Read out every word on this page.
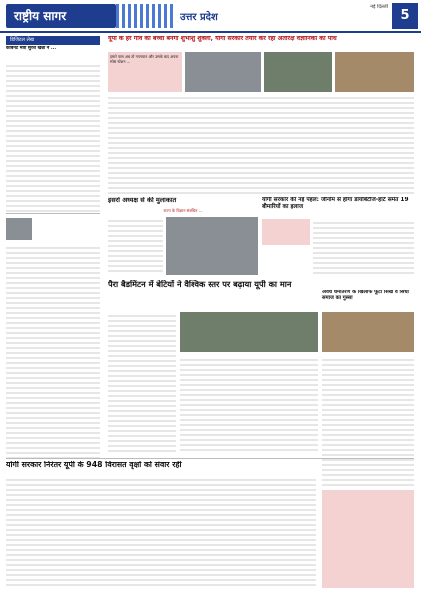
राष्ट्रीय सागर	उत्तर प्रदेश
नई दिल्ली
5
डिजिटल लेख
कैबिनेट मंत्री सुरेश खन्ना ने ...
यूपी के हर गांव का बच्चा बनेगा शुभांशु शुक्ला, योगी सरकार तैयार कर रही अंतरिक्ष वैज्ञानिकों की पौध
हमारे पास अब तो गगनयान और उसके बाद अपना स्पेस स्टेशन ...
इसरो अध्यक्ष से की मुलाकात
राज्य के विज्ञान संबंधित ...
योगी सरकार की नई पहल: जीनोम से होगा डायबिटीज-हार्ट समेत 19 बीमारियों का इलाज
पैरा बैडमिंटन में बेटियों ने वैश्विक स्तर पर बढ़ाया यूपी का मान
अवैध धर्मांतरण के खिलाफ फूटा सिख व सिंधी समाज का गुस्सा
योगी सरकार निरंतर यूपी के 948 विरासत वृक्षों को संवार रही
